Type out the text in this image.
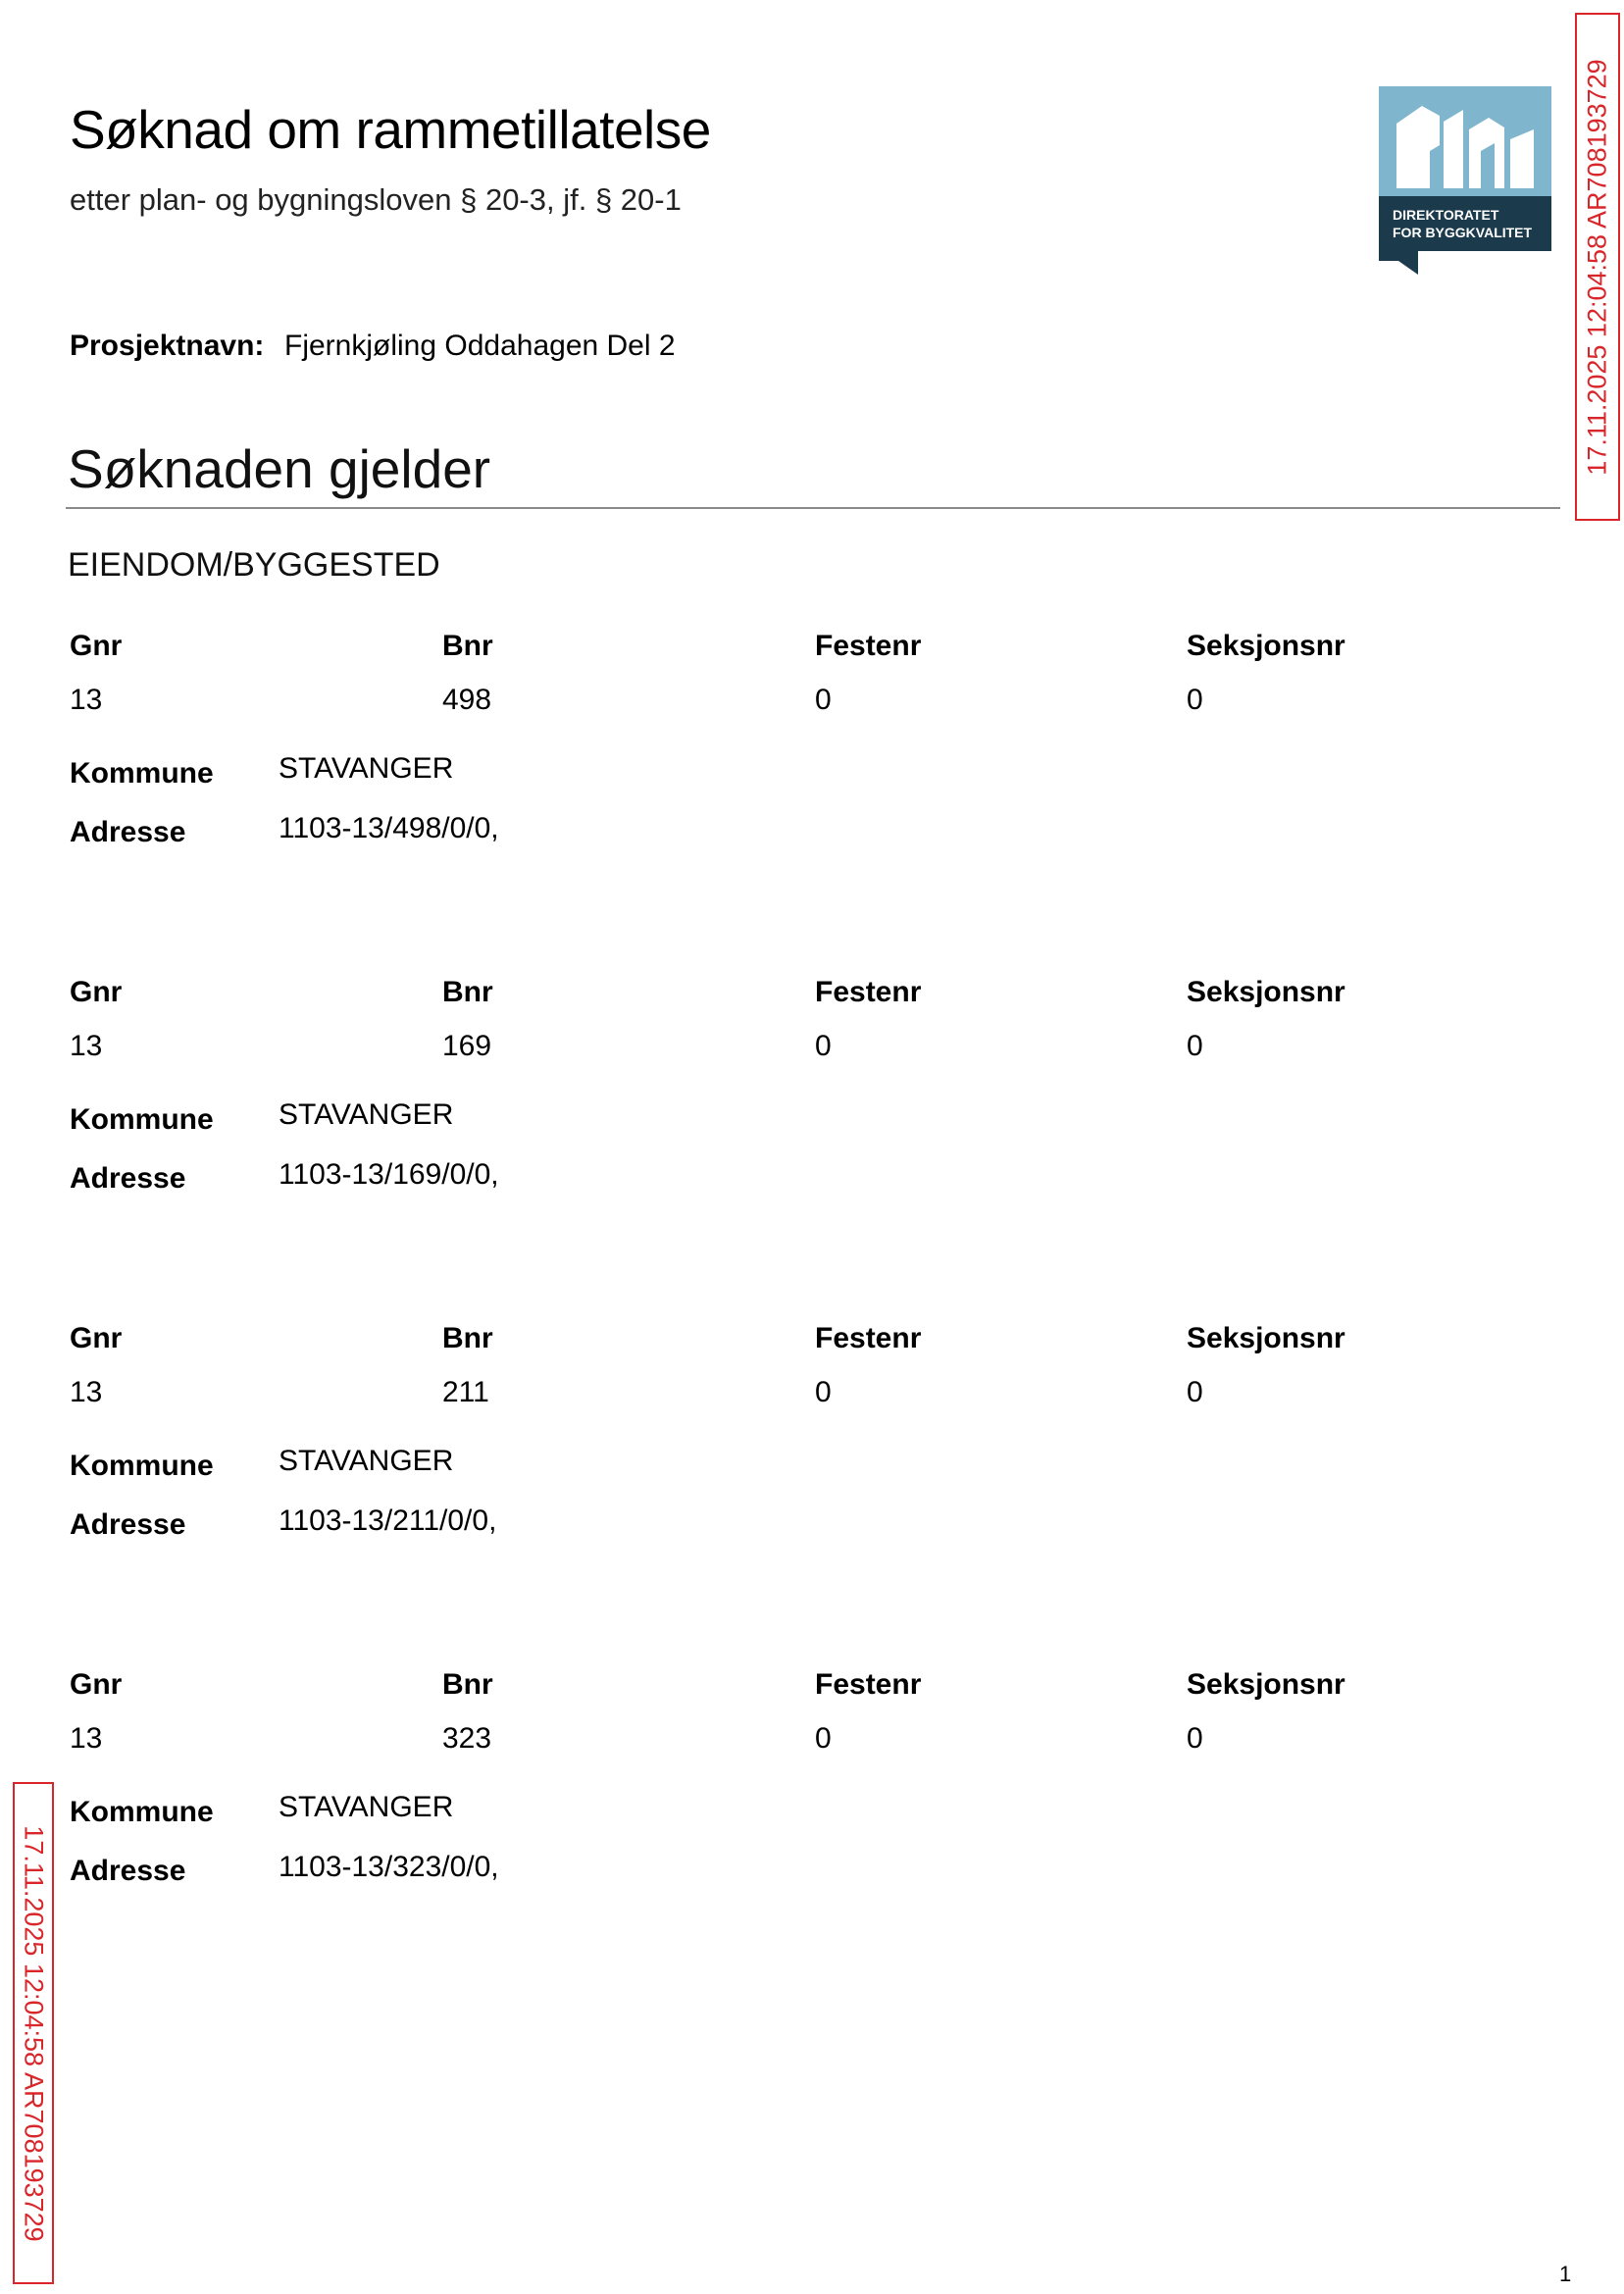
Søknad om rammetillatelse
etter plan- og bygningsloven § 20-3, jf. § 20-1
Prosjektnavn: Fjernkjøling Oddahagen Del 2
DIREKTORATET
FOR BYGGKVALITET 17.11.2025 12:04:58 AR708193729
Søknaden gjelder
EIENDOM/BYGGESTED
Gnr	Bnr	Festenr	Seksjonsnr
13	498	0	0
Kommune STAVANGER
Adresse	1103-13/498/0/0,
Gnr	Bnr	Festenr	Seksjonsnr
13	169	0	0
Kommune STAVANGER
Adresse	1103-13/169/0/0,
Gnr	Bnr	Festenr	Seksjonsnr
13	211	0	0
Kommune STAVANGER
Adresse	1103-13/211/0/0,
Gnr	Bnr	Festenr	Seksjonsnr
13	323	0	0
Kommune STAVANGER
Adresse	1103-13/323/0/0,
17.11.2025 12:04:58 AR708193729
1
